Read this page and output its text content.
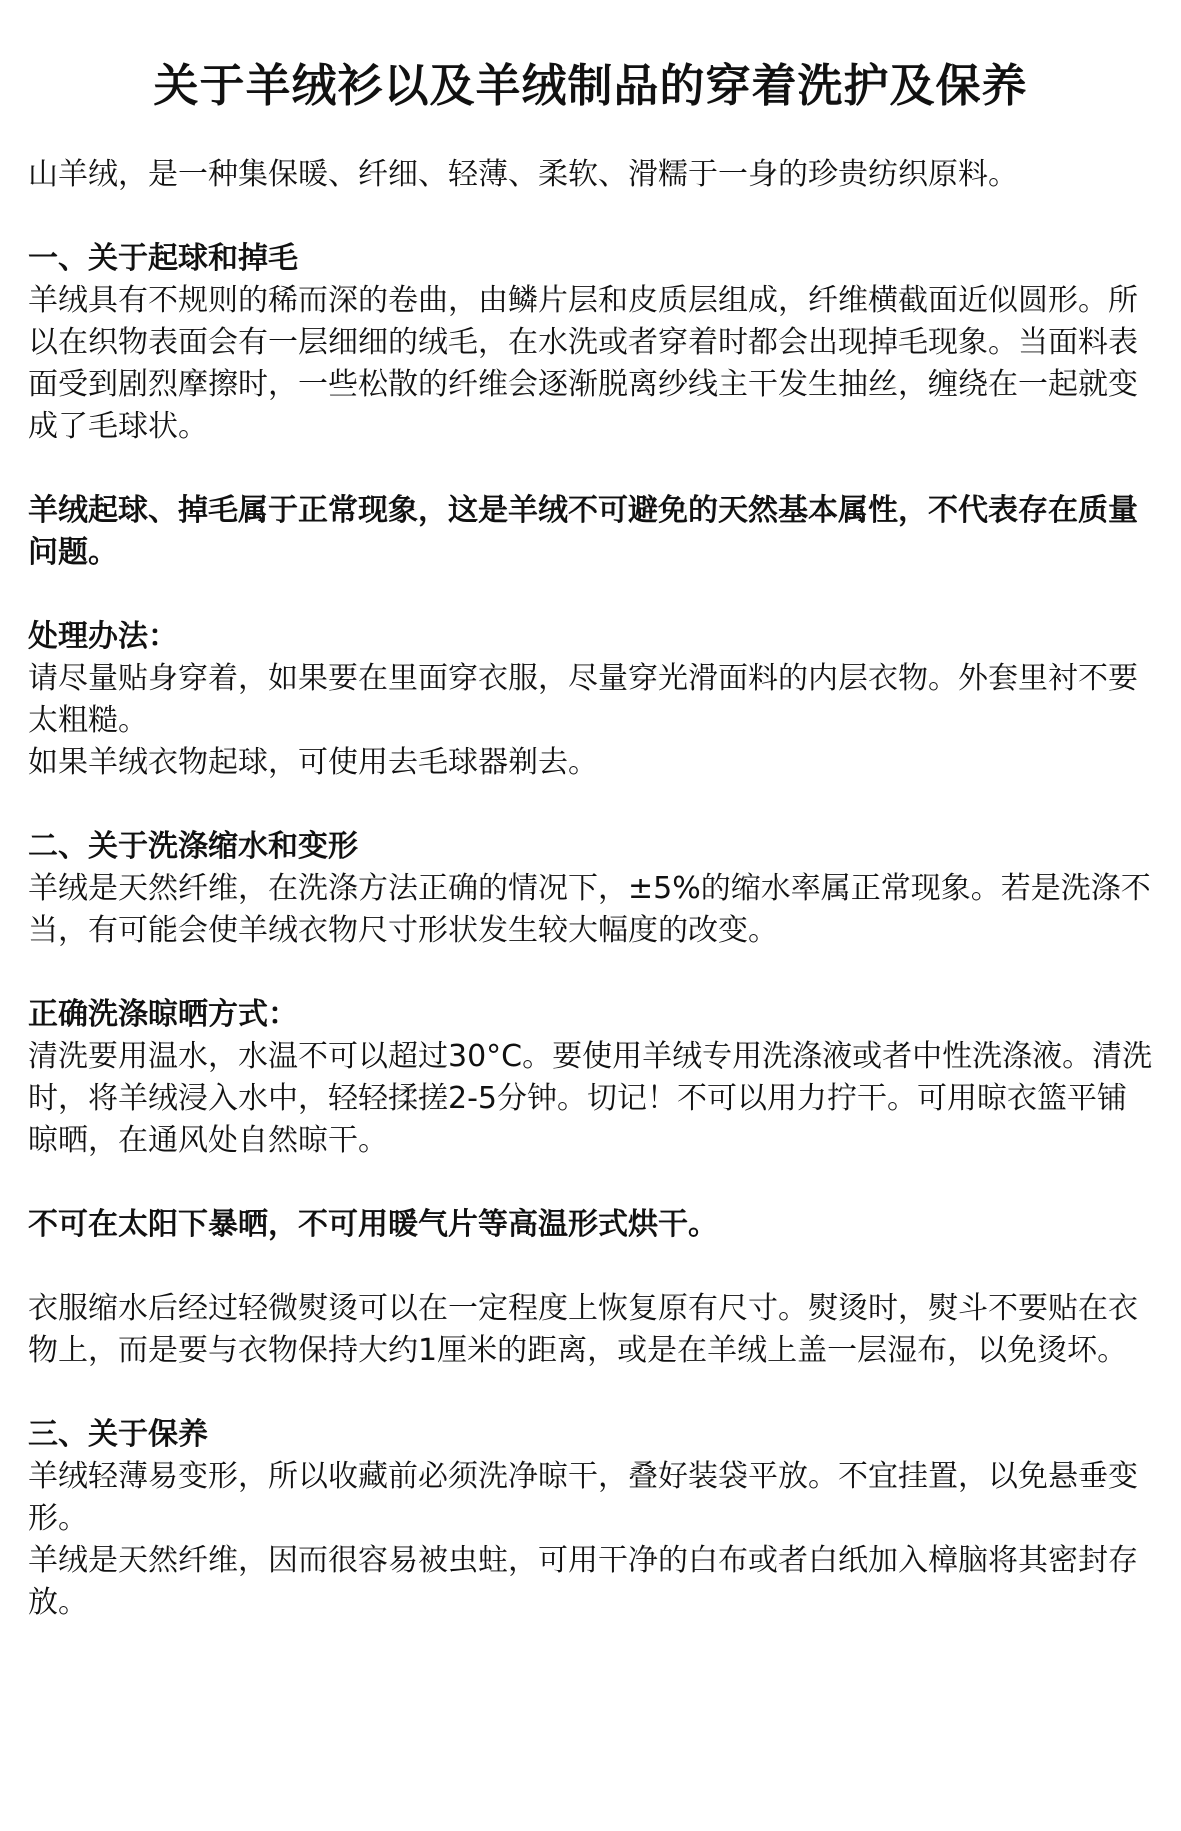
关于羊绒衫以及羊绒制品的穿着洗护及保养

山羊绒，是一种集保暖、纤细、轻薄、柔软、滑糯于一身的珍贵纺织原料。

一、关于起球和掉毛

羊绒具有不规则的稀而深的卷曲，由鳞片层和皮质层组成，纤维横截面近似圆形。所以在织物表面会有一层细细的绒毛，在水洗或者穿着时都会出现掉毛现象。当面料表面受到剧烈摩擦时，一些松散的纤维会逐渐脱离纱线主干发生抽丝，缠绕在一起就变成了毛球状。

羊绒起球、掉毛属于正常现象，这是羊绒不可避免的天然基本属性，不代表存在质量问题。

处理办法：

请尽量贴身穿着，如果要在里面穿衣服，尽量穿光滑面料的内层衣物。外套里衬不要太粗糙。

如果羊绒衣物起球，可使用去毛球器剃去。

二、关于洗涤缩水和变形

羊绒是天然纤维，在洗涤方法正确的情况下，±5%的缩水率属正常现象。若是洗涤不当，有可能会使羊绒衣物尺寸形状发生较大幅度的改变。

正确洗涤晾晒方式：

清洗要用温水，水温不可以超过30°C。要使用羊绒专用洗涤液或者中性洗涤液。清洗时，将羊绒浸入水中，轻轻揉搓2-5分钟。切记！不可以用力拧干。可用晾衣篮平铺晾晒，在通风处自然晾干。

不可在太阳下暴晒，不可用暖气片等高温形式烘干。

衣服缩水后经过轻微熨烫可以在一定程度上恢复原有尺寸。熨烫时，熨斗不要贴在衣物上，而是要与衣物保持大约1厘米的距离，或是在羊绒上盖一层湿布，以免烫坏。

三、关于保养

羊绒轻薄易变形，所以收藏前必须洗净晾干，叠好装袋平放。不宜挂置，以免悬垂变形。

羊绒是天然纤维，因而很容易被虫蛀，可用干净的白布或者白纸加入樟脑将其密封存放。
